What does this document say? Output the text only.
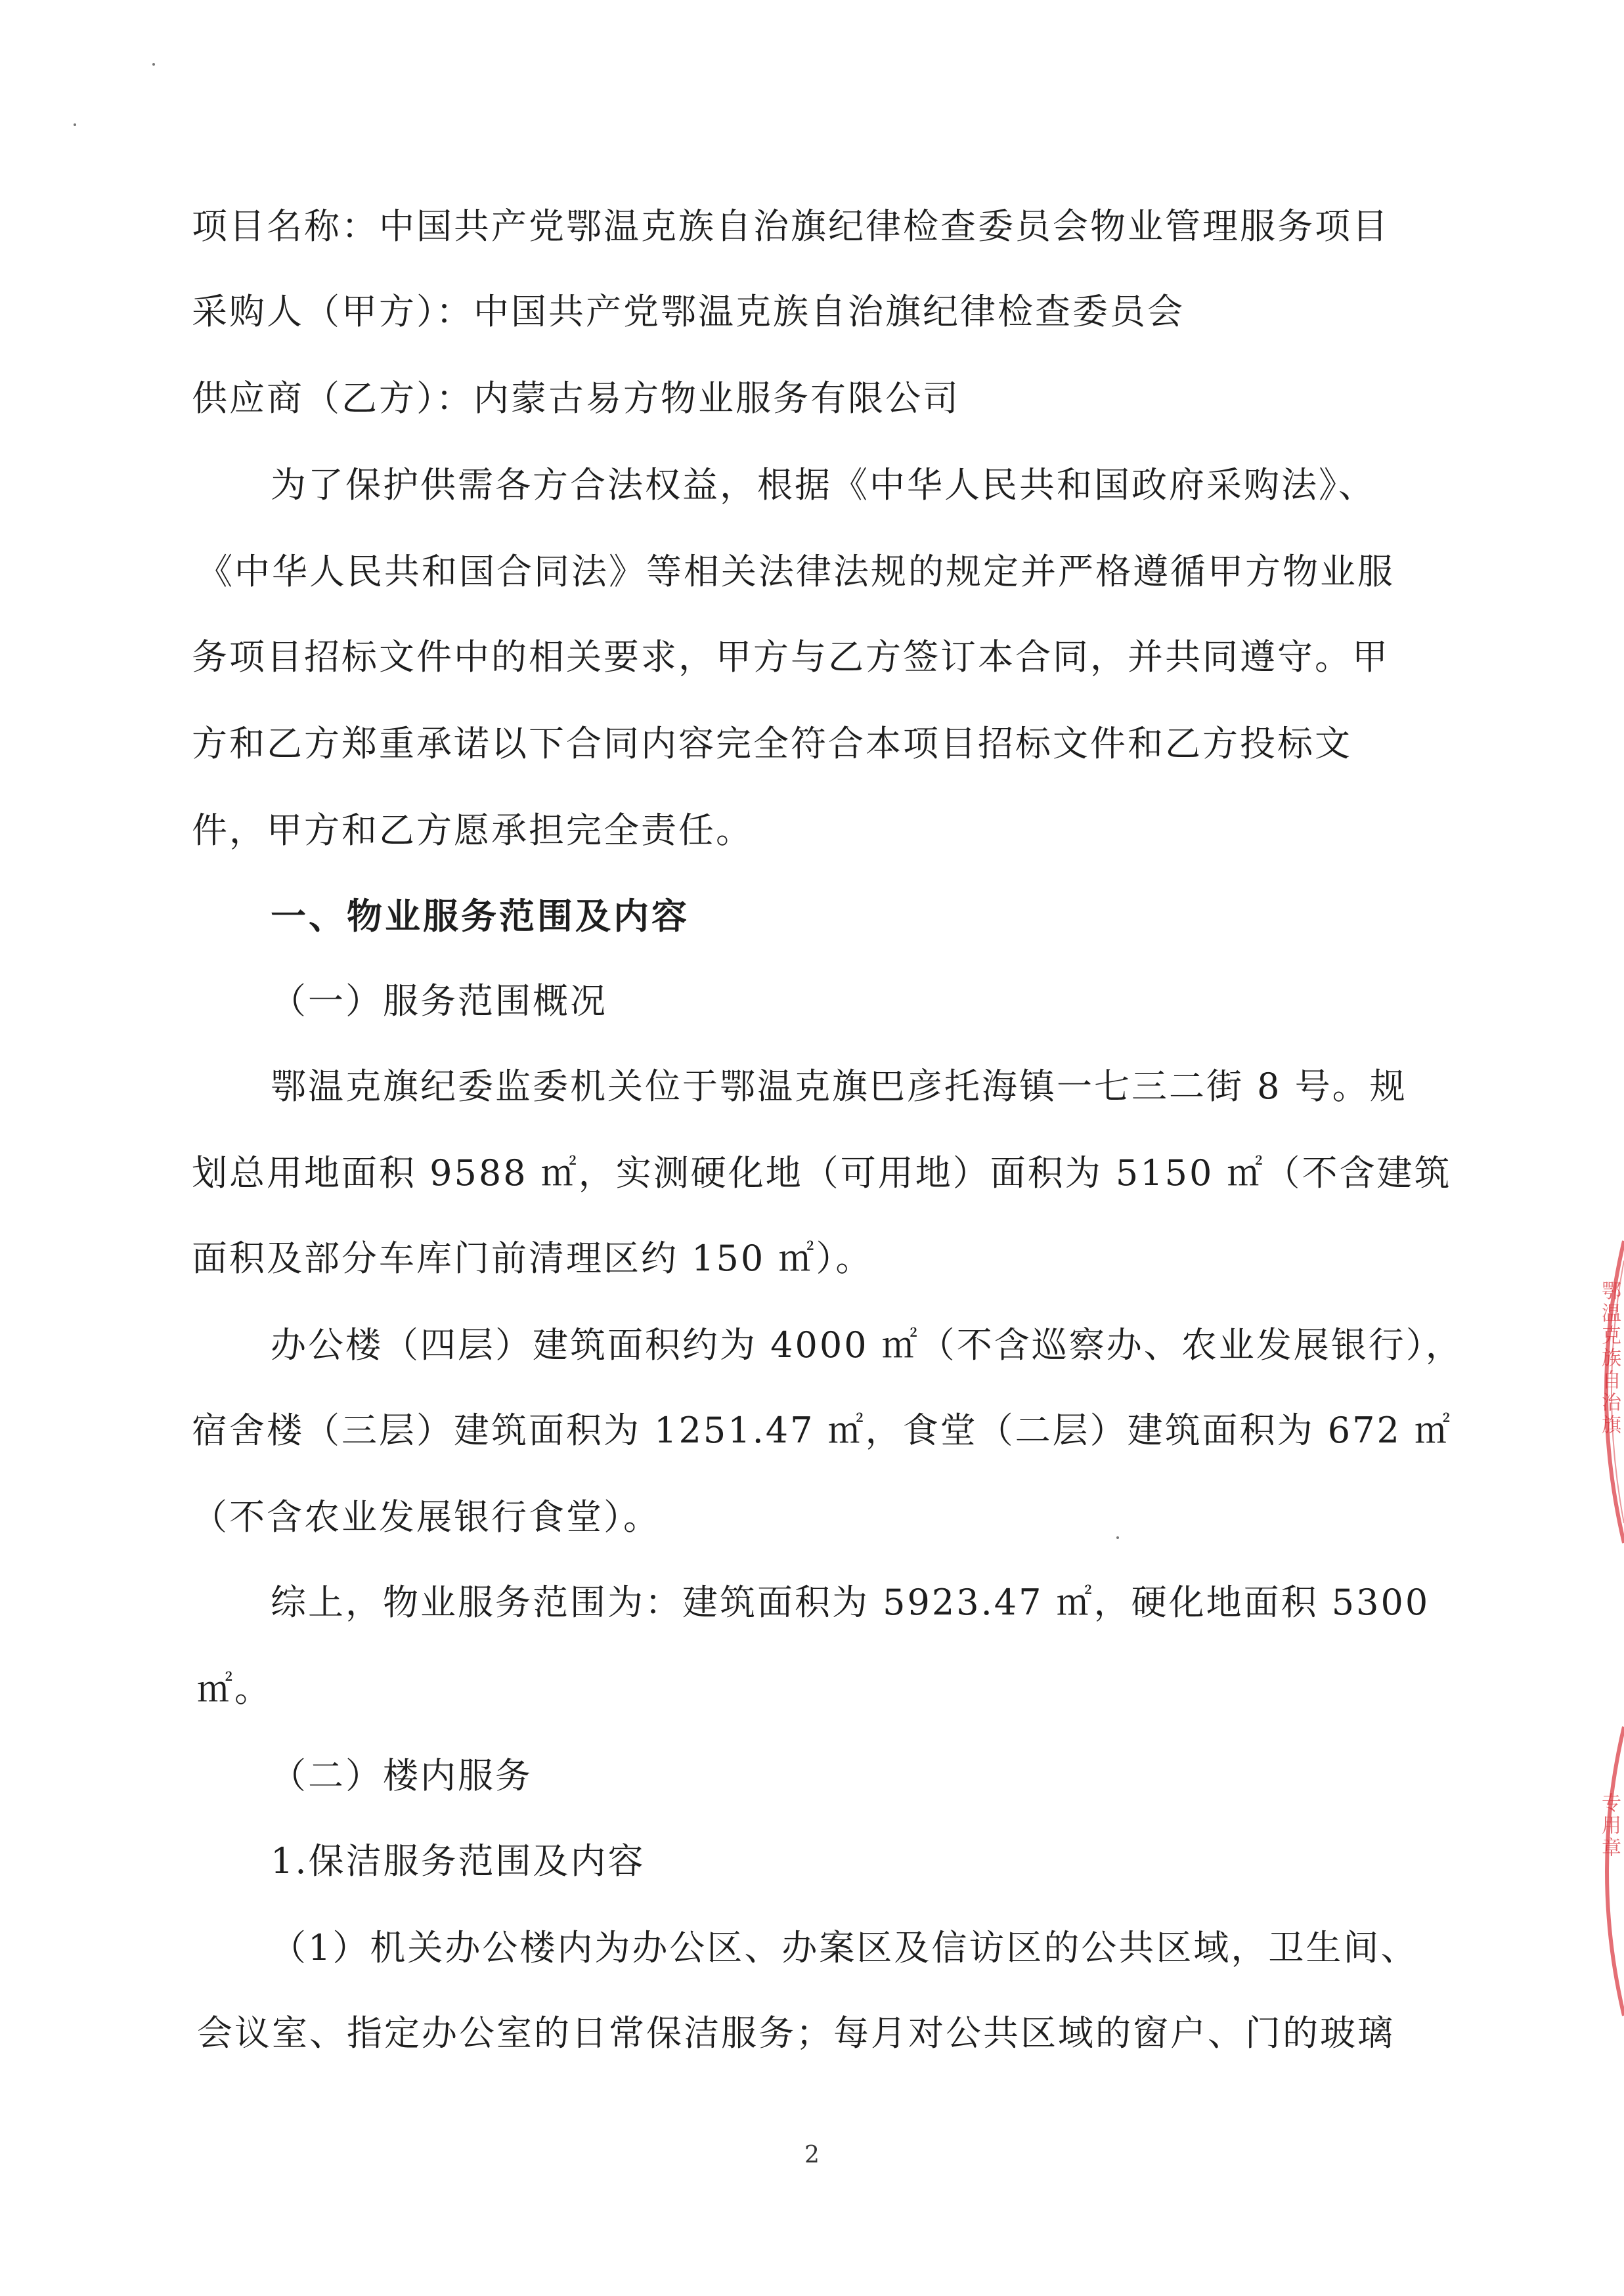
项目名称：中国共产党鄂温克族自治旗纪律检查委员会物业管理服务项目
采购人（甲方）：中国共产党鄂温克族自治旗纪律检查委员会
供应商（乙方）：内蒙古易方物业服务有限公司
为了保护供需各方合法权益，根据《中华人民共和国政府采购法》、
《中华人民共和国合同法》等相关法律法规的规定并严格遵循甲方物业服
务项目招标文件中的相关要求，甲方与乙方签订本合同，并共同遵守。甲
方和乙方郑重承诺以下合同内容完全符合本项目招标文件和乙方投标文
件，甲方和乙方愿承担完全责任。
一、物业服务范围及内容
（一）服务范围概况
鄂温克旗纪委监委机关位于鄂温克旗巴彦托海镇一七三二街 8 号。规
划总用地面积 9588 ㎡，实测硬化地（可用地）面积为 5150 ㎡（不含建筑
面积及部分车库门前清理区约 150 ㎡）。
办公楼（四层）建筑面积约为 4000 ㎡（不含巡察办、农业发展银行），
宿舍楼（三层）建筑面积为 1251.47 ㎡，食堂（二层）建筑面积为 672 ㎡
（不含农业发展银行食堂）。
综上，物业服务范围为：建筑面积为 5923.47 ㎡，硬化地面积 5300
㎡。
（二）楼内服务
1.保洁服务范围及内容
（1）机关办公楼内为办公区、办案区及信访区的公共区域，卫生间、
会议室、指定办公室的日常保洁服务；每月对公共区域的窗户、门的玻璃
2
鄂温克族自治旗
专用章
